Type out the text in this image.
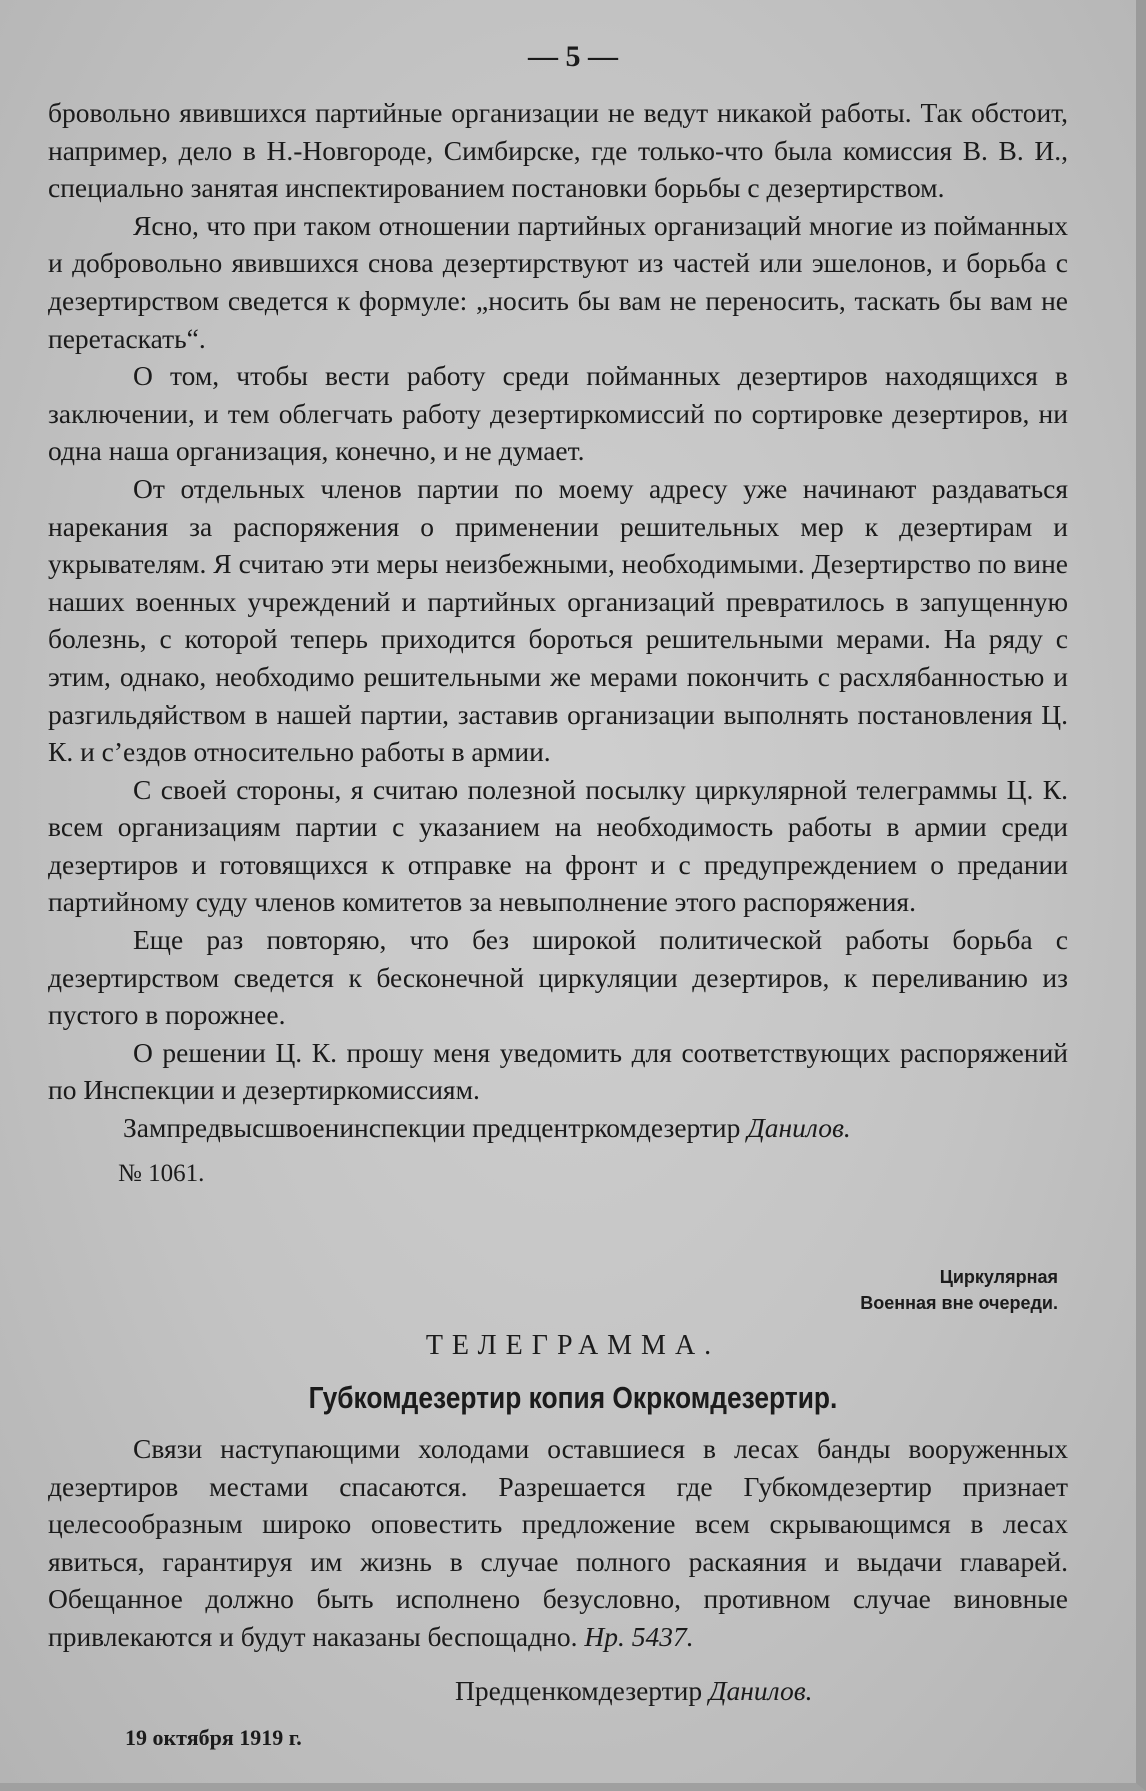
— 5 —

бровольно явившихся партийные организации не ведут никакой работы. Так обстоит, например, дело в Н.-Новгороде, Симбирске, где только-что была комиссия В. В. И., специально занятая инспектированием постановки борьбы с дезертирством.

Ясно, что при таком отношении партийных организаций многие из пойманных и добровольно явившихся снова дезертирствуют из частей или эшелонов, и борьба с дезертирством сведется к формуле: „носить бы вам не переносить, таскать бы вам не перетаскать“.

О том, чтобы вести работу среди пойманных дезертиров находящихся в заключении, и тем облегчать работу дезертиркомиссий по сортировке дезертиров, ни одна наша организация, конечно, и не думает.

От отдельных членов партии по моему адресу уже начинают раздаваться нарекания за распоряжения о применении решительных мер к дезертирам и укрывателям. Я считаю эти меры неизбежными, необходимыми. Дезертирство по вине наших военных учреждений и партийных организаций превратилось в запущенную болезнь, с которой теперь приходится бороться решительными мерами. На ряду с этим, однако, необходимо решительными же мерами покончить с расхлябанностью и разгильдяйством в нашей партии, заставив организации выполнять постановления Ц. К. и с’ездов относительно работы в армии.

С своей стороны, я считаю полезной посылку циркулярной телеграммы Ц. К. всем организациям партии с указанием на необходимость работы в армии среди дезертиров и готовящихся к отправке на фронт и с предупреждением о предании партийному суду членов комитетов за невыполнение этого распоряжения.

Еще раз повторяю, что без широкой политической работы борьба с дезертирством сведется к бесконечной циркуляции дезертиров, к переливанию из пустого в порожнее.

О решении Ц. К. прошу меня уведомить для соответствующих распоряжений по Инспекции и дезертиркомиссиям.

Зампредвысшвоенинспекции предцентркомдезертир Данилов.

№ 1061.

Циркулярная
Военная вне очереди.
ТЕЛЕГРАММА.
Губкомдезертир копия Окркомдезертир.

Связи наступающими холодами оставшиеся в лесах банды вооруженных дезертиров местами спасаются. Разрешается где Губкомдезертир признает целесообразным широко оповестить предложение всем скрывающимся в лесах явиться, гарантируя им жизнь в случае полного раскаяния и выдачи главарей. Обещанное должно быть исполнено безусловно, противном случае виновные привлекаются и будут наказаны беспощадно. Нр. 5437.

Предценкомдезертир Данилов.
19 октября 1919 г.
